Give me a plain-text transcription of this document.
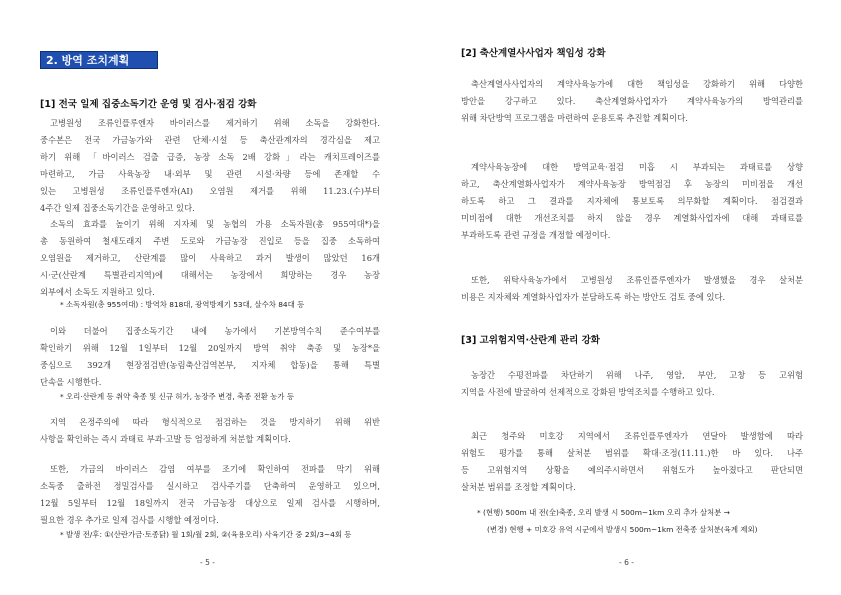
2. 방역 조치계획
[1] 전국 일제 집중소독기간 운영 및 검사·점검 강화
고병원성 조류인플루엔자 바이러스를 제거하기 위해 소독을 강화한다.
중수본은 전국 가금농가와 관련 단체·시설 등 축산관계자의 경각심을 제고
하기 위해 「바이러스 검출 급증, 농장 소독 2배 강화」라는 캐치프레이즈를
마련하고, 가금 사육농장 내·외부 및 관련 시설·차량 등에 존재할 수
있는 고병원성 조류인플루엔자(AI) 오염원 제거를 위해 11.23.(수)부터
4주간 일제 집중소독기간을 운영하고 있다.
소독의 효과를 높이기 위해 지자체 및 농협의 가용 소독자원(총 955여대*)을
총 동원하여 철새도래지 주변 도로와 가금농장 진입로 등을 집중 소독하여
오염원을 제거하고, 산란계를 많이 사육하고 과거 발생이 많았던 16개
시·군(산란계 특별관리지역)에 대해서는 농장에서 희망하는 경우 농장
외부에서 소독도 지원하고 있다.
* 소독자원(총 955여대) : 방역차 818대, 광역방제기 53대, 살수차 84대 등
이와 더불어 집중소독기간 내에 농가에서 기본방역수칙 준수여부를
확인하기 위해 12월 1일부터 12월 20일까지 방역 취약 축종 및 농장*을
중심으로 392개 현장점검반(농림축산검역본부, 지자체 합동)을 통해 특별
단속을 시행한다.
* 오리·산란계 등 취약 축종 및 신규 허가, 농장주 변경, 축종 전환 농가 등
지역 온정주의에 따라 형식적으로 점검하는 것을 방지하기 위해 위반
사항을 확인하는 즉시 과태료 부과·고발 등 엄정하게 처분할 계획이다.
또한, 가금의 바이러스 감염 여부를 조기에 확인하여 전파를 막기 위해
소독중 출하전 정밀검사를 실시하고 검사주기를 단축하여 운영하고 있으며,
12월 5일부터 12월 18일까지 전국 가금농장 대상으로 일제 검사를 시행하며,
필요한 경우 추가로 일제 검사를 시행할 예정이다.
* 발생 전/후: ①(산란가금·토종닭) 월 1회/월 2회, ②(육용오리) 사육기간 중 2회/3~4회 등
- 5 -
[2] 축산계열사사업자 책임성 강화
축산계열사사업자의 계약사육농가에 대한 책임성을 강화하기 위해 다양한
방안을 강구하고 있다. 축산계열화사업자가 계약사육농가의 방역관리를
위해 차단방역 프로그램을 마련하여 운용토록 추진할 계획이다.
계약사육농장에 대한 방역교육·점검 미흡 시 부과되는 과태료를 상향
하고, 축산계열화사업자가 계약사육농장 방역점검 후 농장의 미비점을 개선
하도록 하고 그 결과를 지자체에 통보토록 의무화할 계획이다. 점검결과
미비점에 대한 개선조치를 하지 않을 경우 계열화사업자에 대해 과태료를
부과하도록 관련 규정을 개정할 예정이다.
또한, 위탁사육농가에서 고병원성 조류인플루엔자가 발생했을 경우 살처분
비용은 지자체와 계열화사업자가 분담하도록 하는 방안도 검토 중에 있다.
[3] 고위험지역·산란계 관리 강화
농장간 수평전파를 차단하기 위해 나주, 영암, 부안, 고창 등 고위험
지역을 사전에 발굴하여 선제적으로 강화된 방역조치를 수행하고 있다.
최근 청주와 미호강 지역에서 조류인플루엔자가 연달아 발생함에 따라
위험도 평가를 통해 살처분 범위를 확대·조정(11.11.)한 바 있다. 나주
등 고위험지역 상황을 예의주시하면서 위험도가 높아졌다고 판단되면
살처분 범위를 조정할 계획이다.
* (현행) 500m 내 전(全)축종, 오리 발생 시 500m~1km 오리 추가 살처분 →
(변경) 현행 + 미호강 유역 시군에서 발생시 500m~1km 전축종 살처분(육계 제외)
- 6 -
